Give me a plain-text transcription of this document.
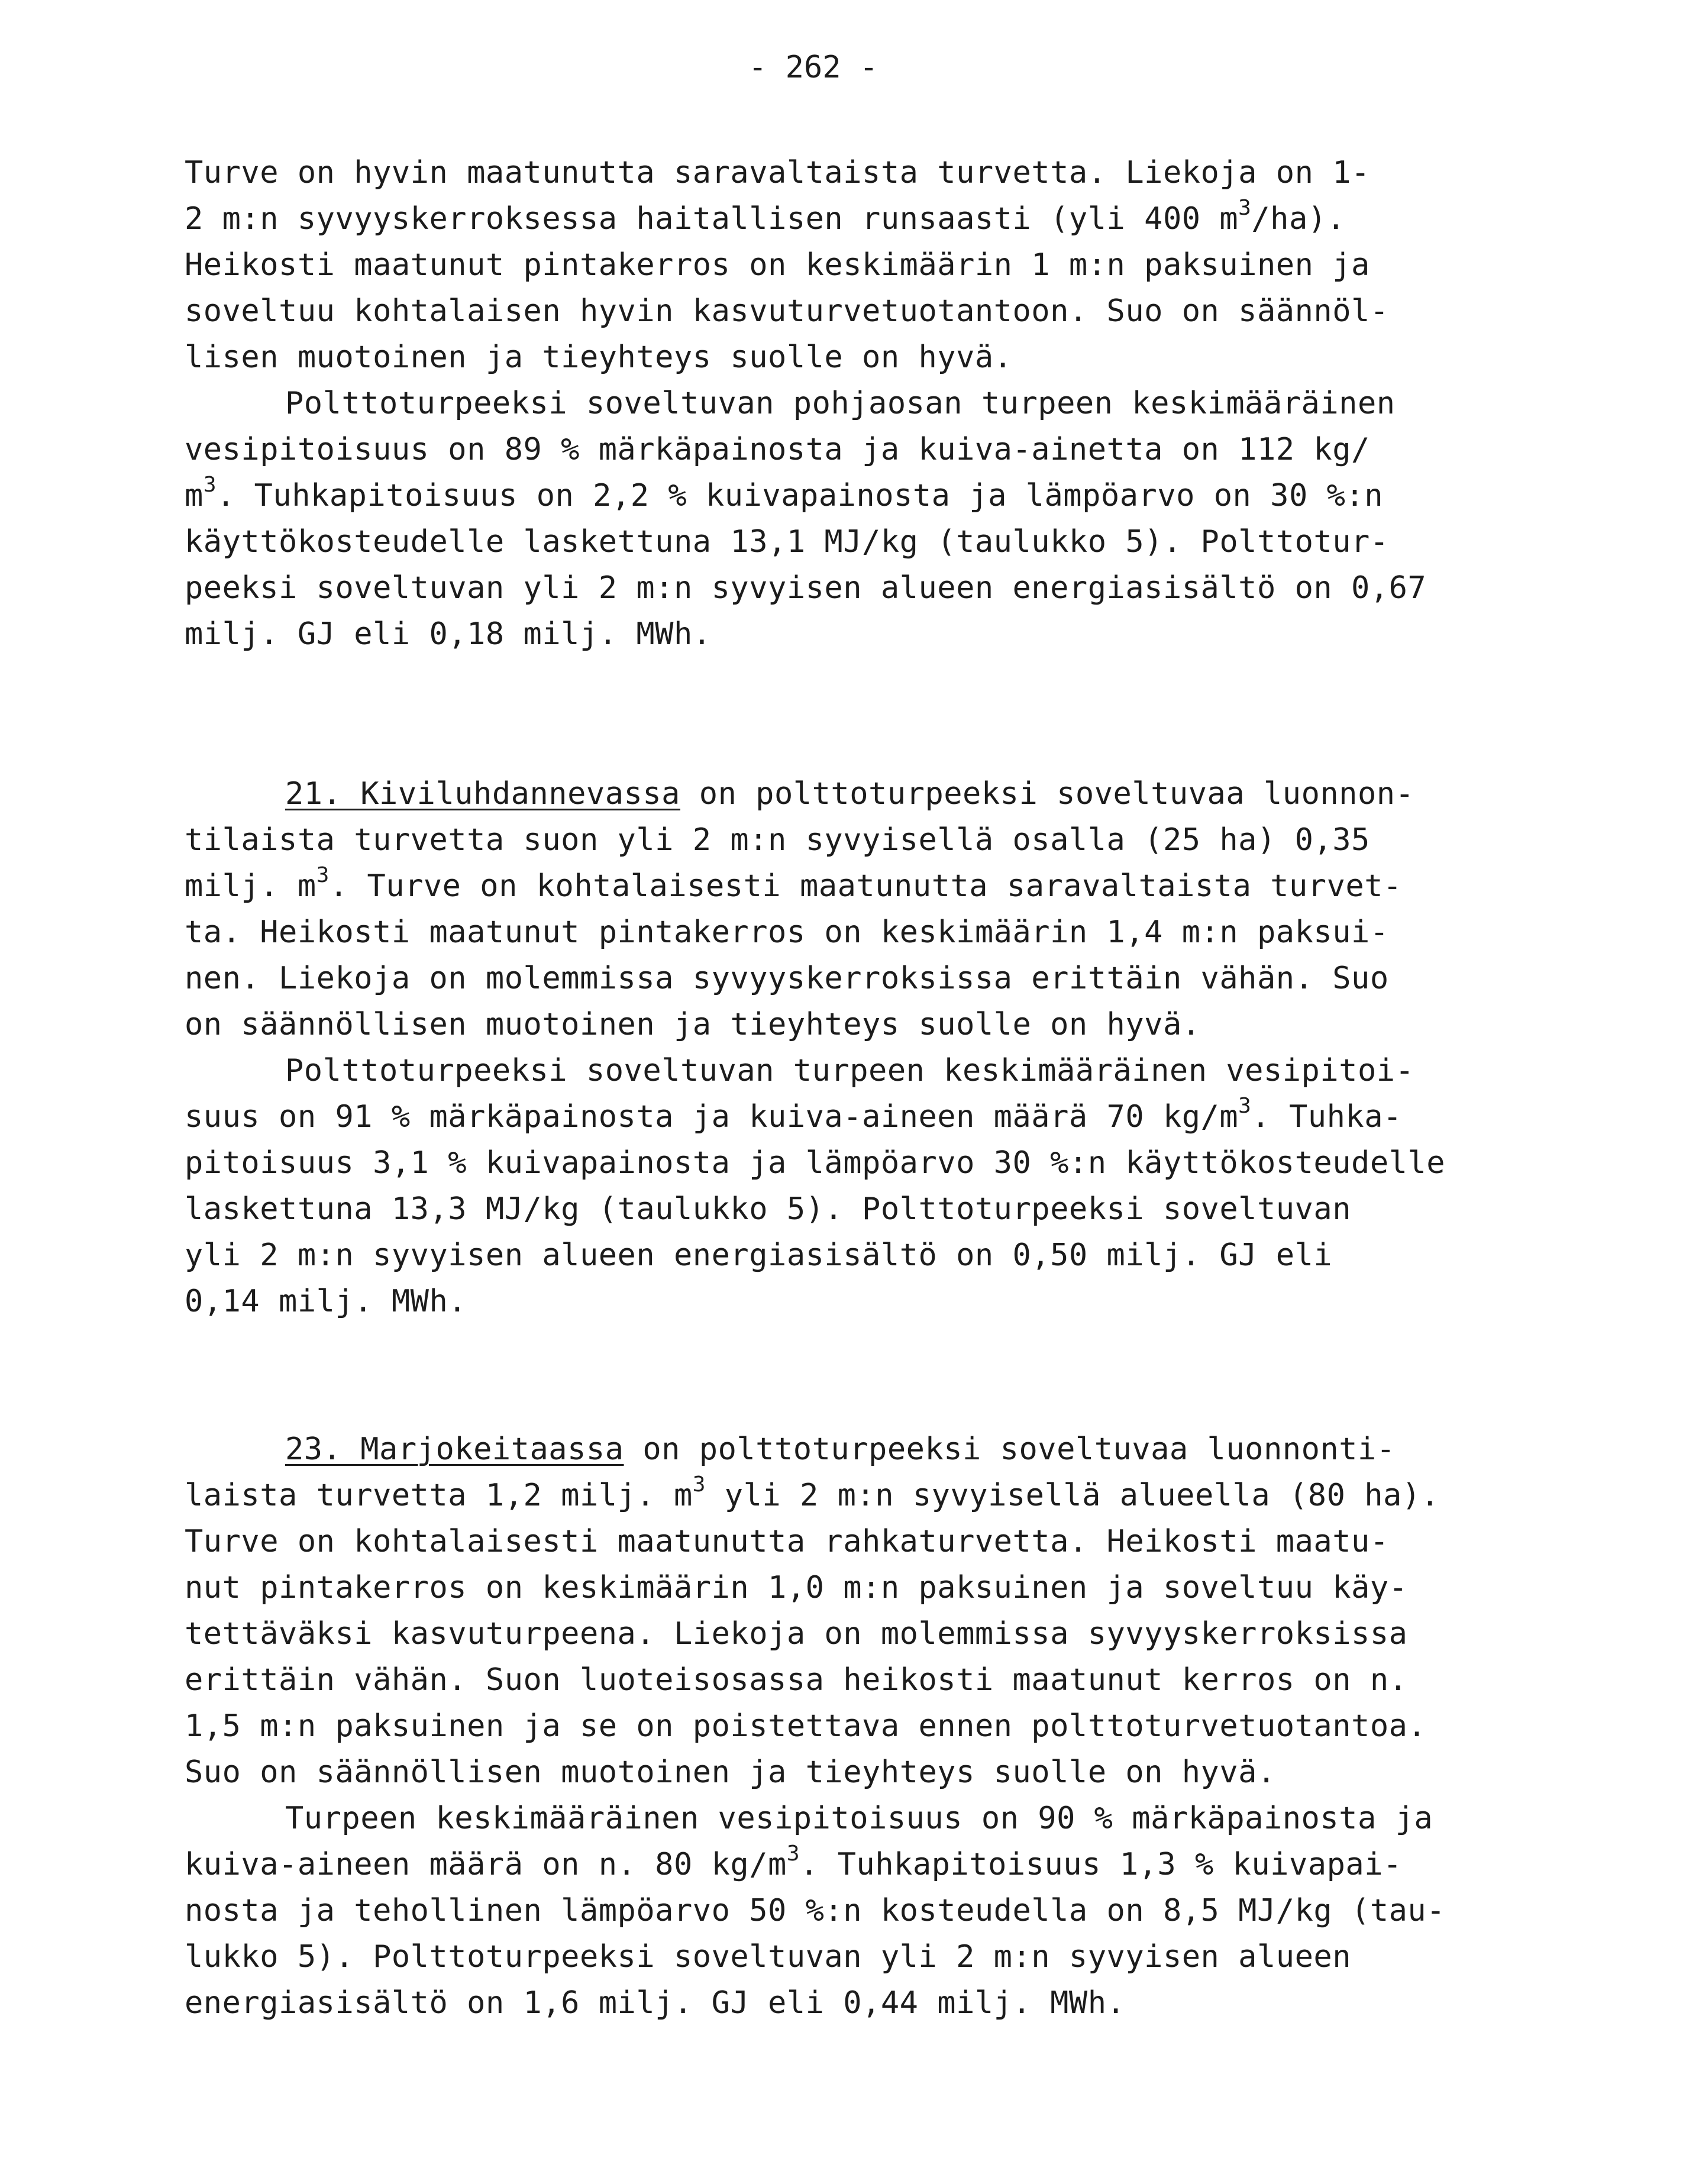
- 262 -
Turve on hyvin maatunutta saravaltaista turvetta. Liekoja on 1-
2 m:n syvyyskerroksessa haitallisen runsaasti (yli 400 $m^3/ha$).
Heikosti maatunut pintakerros on keskimäärin 1 m:n paksuinen ja
soveltuu kohtalaisen hyvin kasvuturvetuotantoon. Suo on säännöl-
lisen muotoinen ja tieyhteys suolle on hyvä.
Polttoturpeeksi soveltuvan pohjaosan turpeen keskimääräinen
vesipitoisuus on 89 % märkäpainosta ja kuiva-ainetta on 112 kg/
$m^3$. Tuhkapitoisuus on 2,2 % kuivapainosta ja lämpöarvo on 30 %:n
käyttökosteudelle laskettuna 13,1 MJ/kg (taulukko 5). Polttotur-
peeksi soveltuvan yli 2 m:n syvyisen alueen energiasisältö on 0,67
milj. GJ eli 0,18 milj. MWh.
21. Kiviluhdannevassa on polttoturpeeksi soveltuvaa luonnon-
tilaista turvetta suon yli 2 m:n syvyisellä osalla (25 ha) 0,35
milj. $m^3$. Turve on kohtalaisesti maatunutta saravaltaista turvet-
ta. Heikosti maatunut pintakerros on keskimäärin 1,4 m:n paksui-
nen. Liekoja on molemmissa syvyyskerroksissa erittäin vähän. Suo
on säännöllisen muotoinen ja tieyhteys suolle on hyvä.
Polttoturpeeksi soveltuvan turpeen keskimääräinen vesipitoi-
suus on 91 % märkäpainosta ja kuiva-aineen määrä 70 $kg/m^3$. Tuhka-
pitoisuus 3,1 % kuivapainosta ja lämpöarvo 30 %:n käyttökosteudelle
laskettuna 13,3 MJ/kg (taulukko 5). Polttoturpeeksi soveltuvan
yli 2 m:n syvyisen alueen energiasisältö on 0,50 milj. GJ eli
0,14 milj. MWh.
23. Marjokeitaassa on polttoturpeeksi soveltuvaa luonnonti-
laista turvetta 1,2 milj. $m^3$ yli 2 m:n syvyisellä alueella (80 ha).
Turve on kohtalaisesti maatunutta rahkaturvetta. Heikosti maatu-
nut pintakerros on keskimäärin 1,0 m:n paksuinen ja soveltuu käy-
tettäväksi kasvuturpeena. Liekoja on molemmissa syvyyskerroksissa
erittäin vähän. Suon luoteisosassa heikosti maatunut kerros on n.
1,5 m:n paksuinen ja se on poistettava ennen polttoturvetuotantoa.
Suo on säännöllisen muotoinen ja tieyhteys suolle on hyvä.
Turpeen keskimääräinen vesipitoisuus on 90 % märkäpainosta ja
kuiva-aineen määrä on n. 80 $kg/m^3$. Tuhkapitoisuus 1,3 % kuivapai-
nosta ja tehollinen lämpöarvo 50 %:n kosteudella on 8,5 MJ/kg (tau-
lukko 5). Polttoturpeeksi soveltuvan yli 2 m:n syvyisen alueen
energiasisältö on 1,6 milj. GJ eli 0,44 milj. MWh.
